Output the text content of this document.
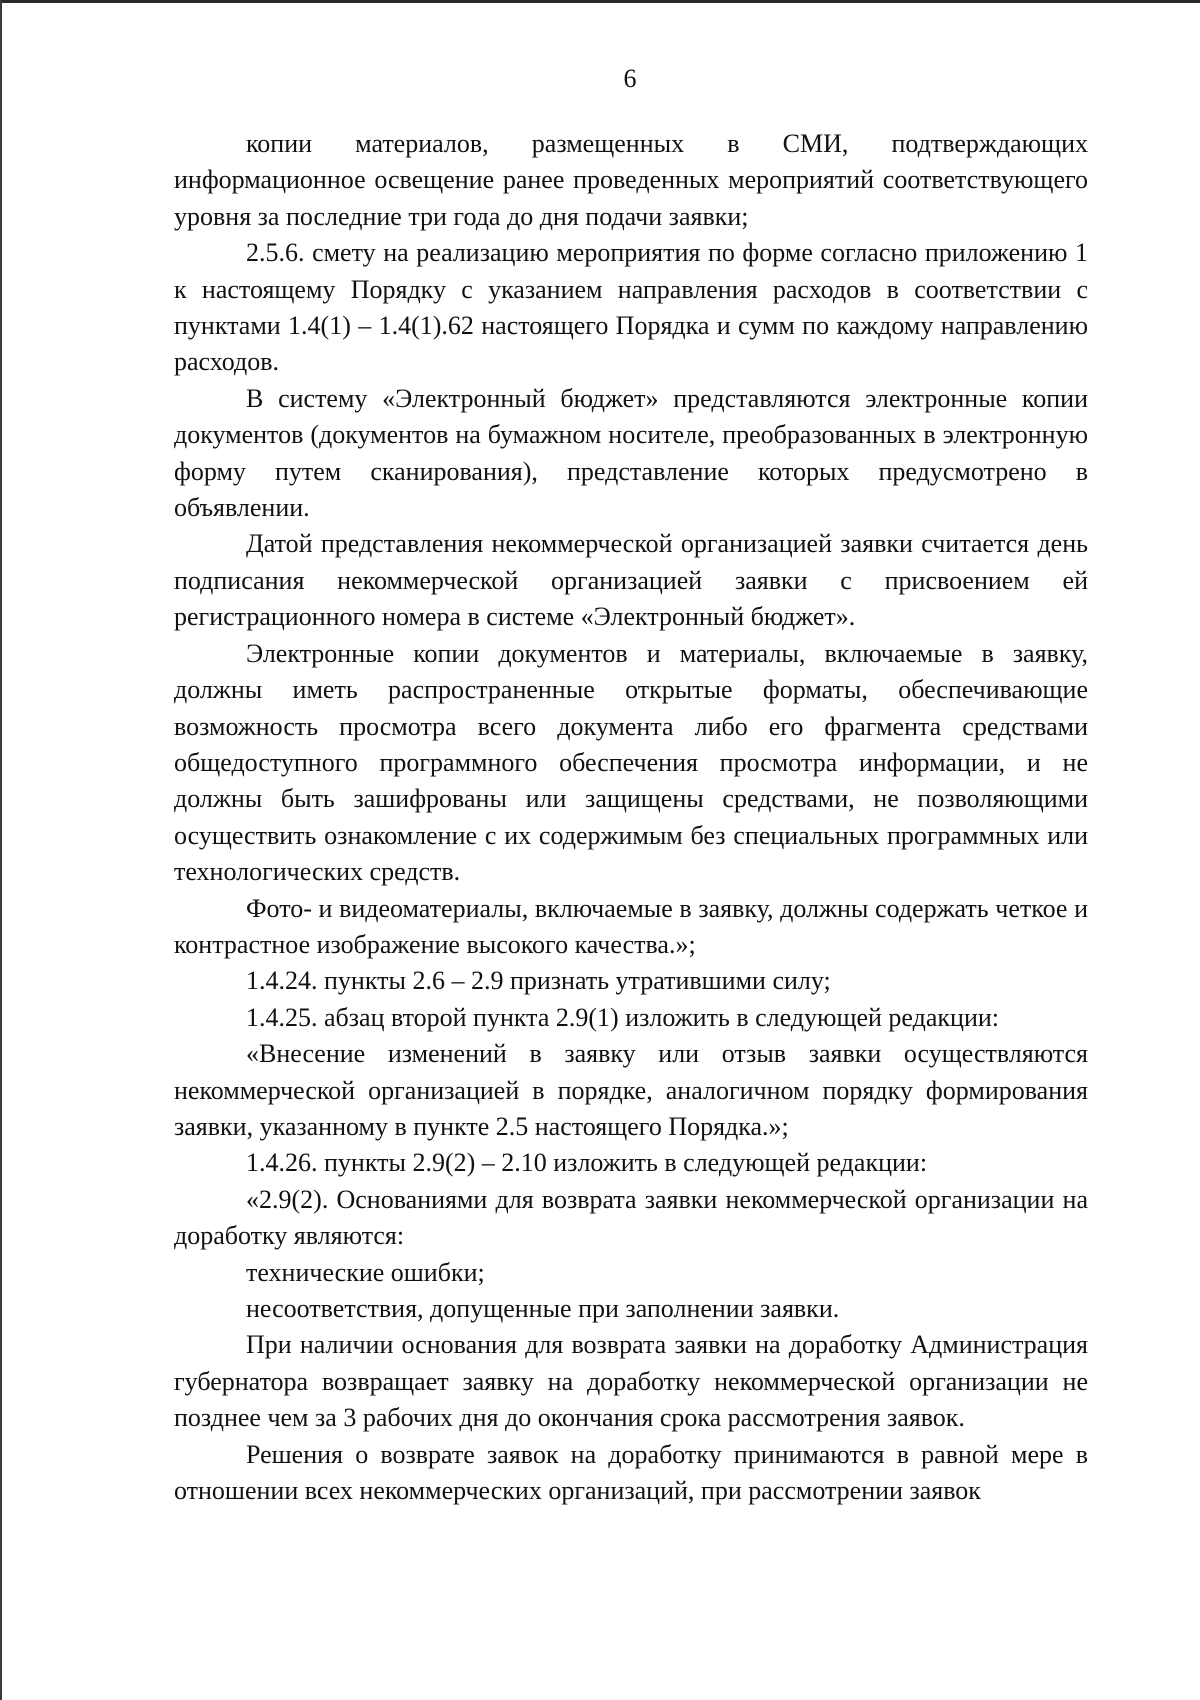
6

копии материалов, размещенных в СМИ, подтверждающих информационное освещение ранее проведенных мероприятий соответствующего уровня за последние три года до дня подачи заявки;

2.5.6. смету на реализацию мероприятия по форме согласно приложению 1 к настоящему Порядку с указанием направления расходов в соответствии с пунктами 1.4(1) – 1.4(1).62 настоящего Порядка и сумм по каждому направлению расходов.

В систему «Электронный бюджет» представляются электронные копии документов (документов на бумажном носителе, преобразованных в электронную форму путем сканирования), представление которых предусмотрено в объявлении.

Датой представления некоммерческой организацией заявки считается день подписания некоммерческой организацией заявки с присвоением ей регистрационного номера в системе «Электронный бюджет».

Электронные копии документов и материалы, включаемые в заявку, должны иметь распространенные открытые форматы, обеспечивающие возможность просмотра всего документа либо его фрагмента средствами общедоступного программного обеспечения просмотра информации, и не должны быть зашифрованы или защищены средствами, не позволяющими осуществить ознакомление с их содержимым без специальных программных или технологических средств.

Фото- и видеоматериалы, включаемые в заявку, должны содержать четкое и контрастное изображение высокого качества.»;

1.4.24. пункты 2.6 – 2.9 признать утратившими силу;

1.4.25. абзац второй пункта 2.9(1) изложить в следующей редакции:

«Внесение изменений в заявку или отзыв заявки осуществляются некоммерческой организацией в порядке, аналогичном порядку формирования заявки, указанному в пункте 2.5 настоящего Порядка.»;

1.4.26. пункты 2.9(2) – 2.10 изложить в следующей редакции:

«2.9(2). Основаниями для возврата заявки некоммерческой организации на доработку являются:

технические ошибки;

несоответствия, допущенные при заполнении заявки.

При наличии основания для возврата заявки на доработку Администрация губернатора возвращает заявку на доработку некоммерческой организации не позднее чем за 3 рабочих дня до окончания срока рассмотрения заявок.

Решения о возврате заявок на доработку принимаются в равной мере в отношении всех некоммерческих организаций, при рассмотрении заявок
